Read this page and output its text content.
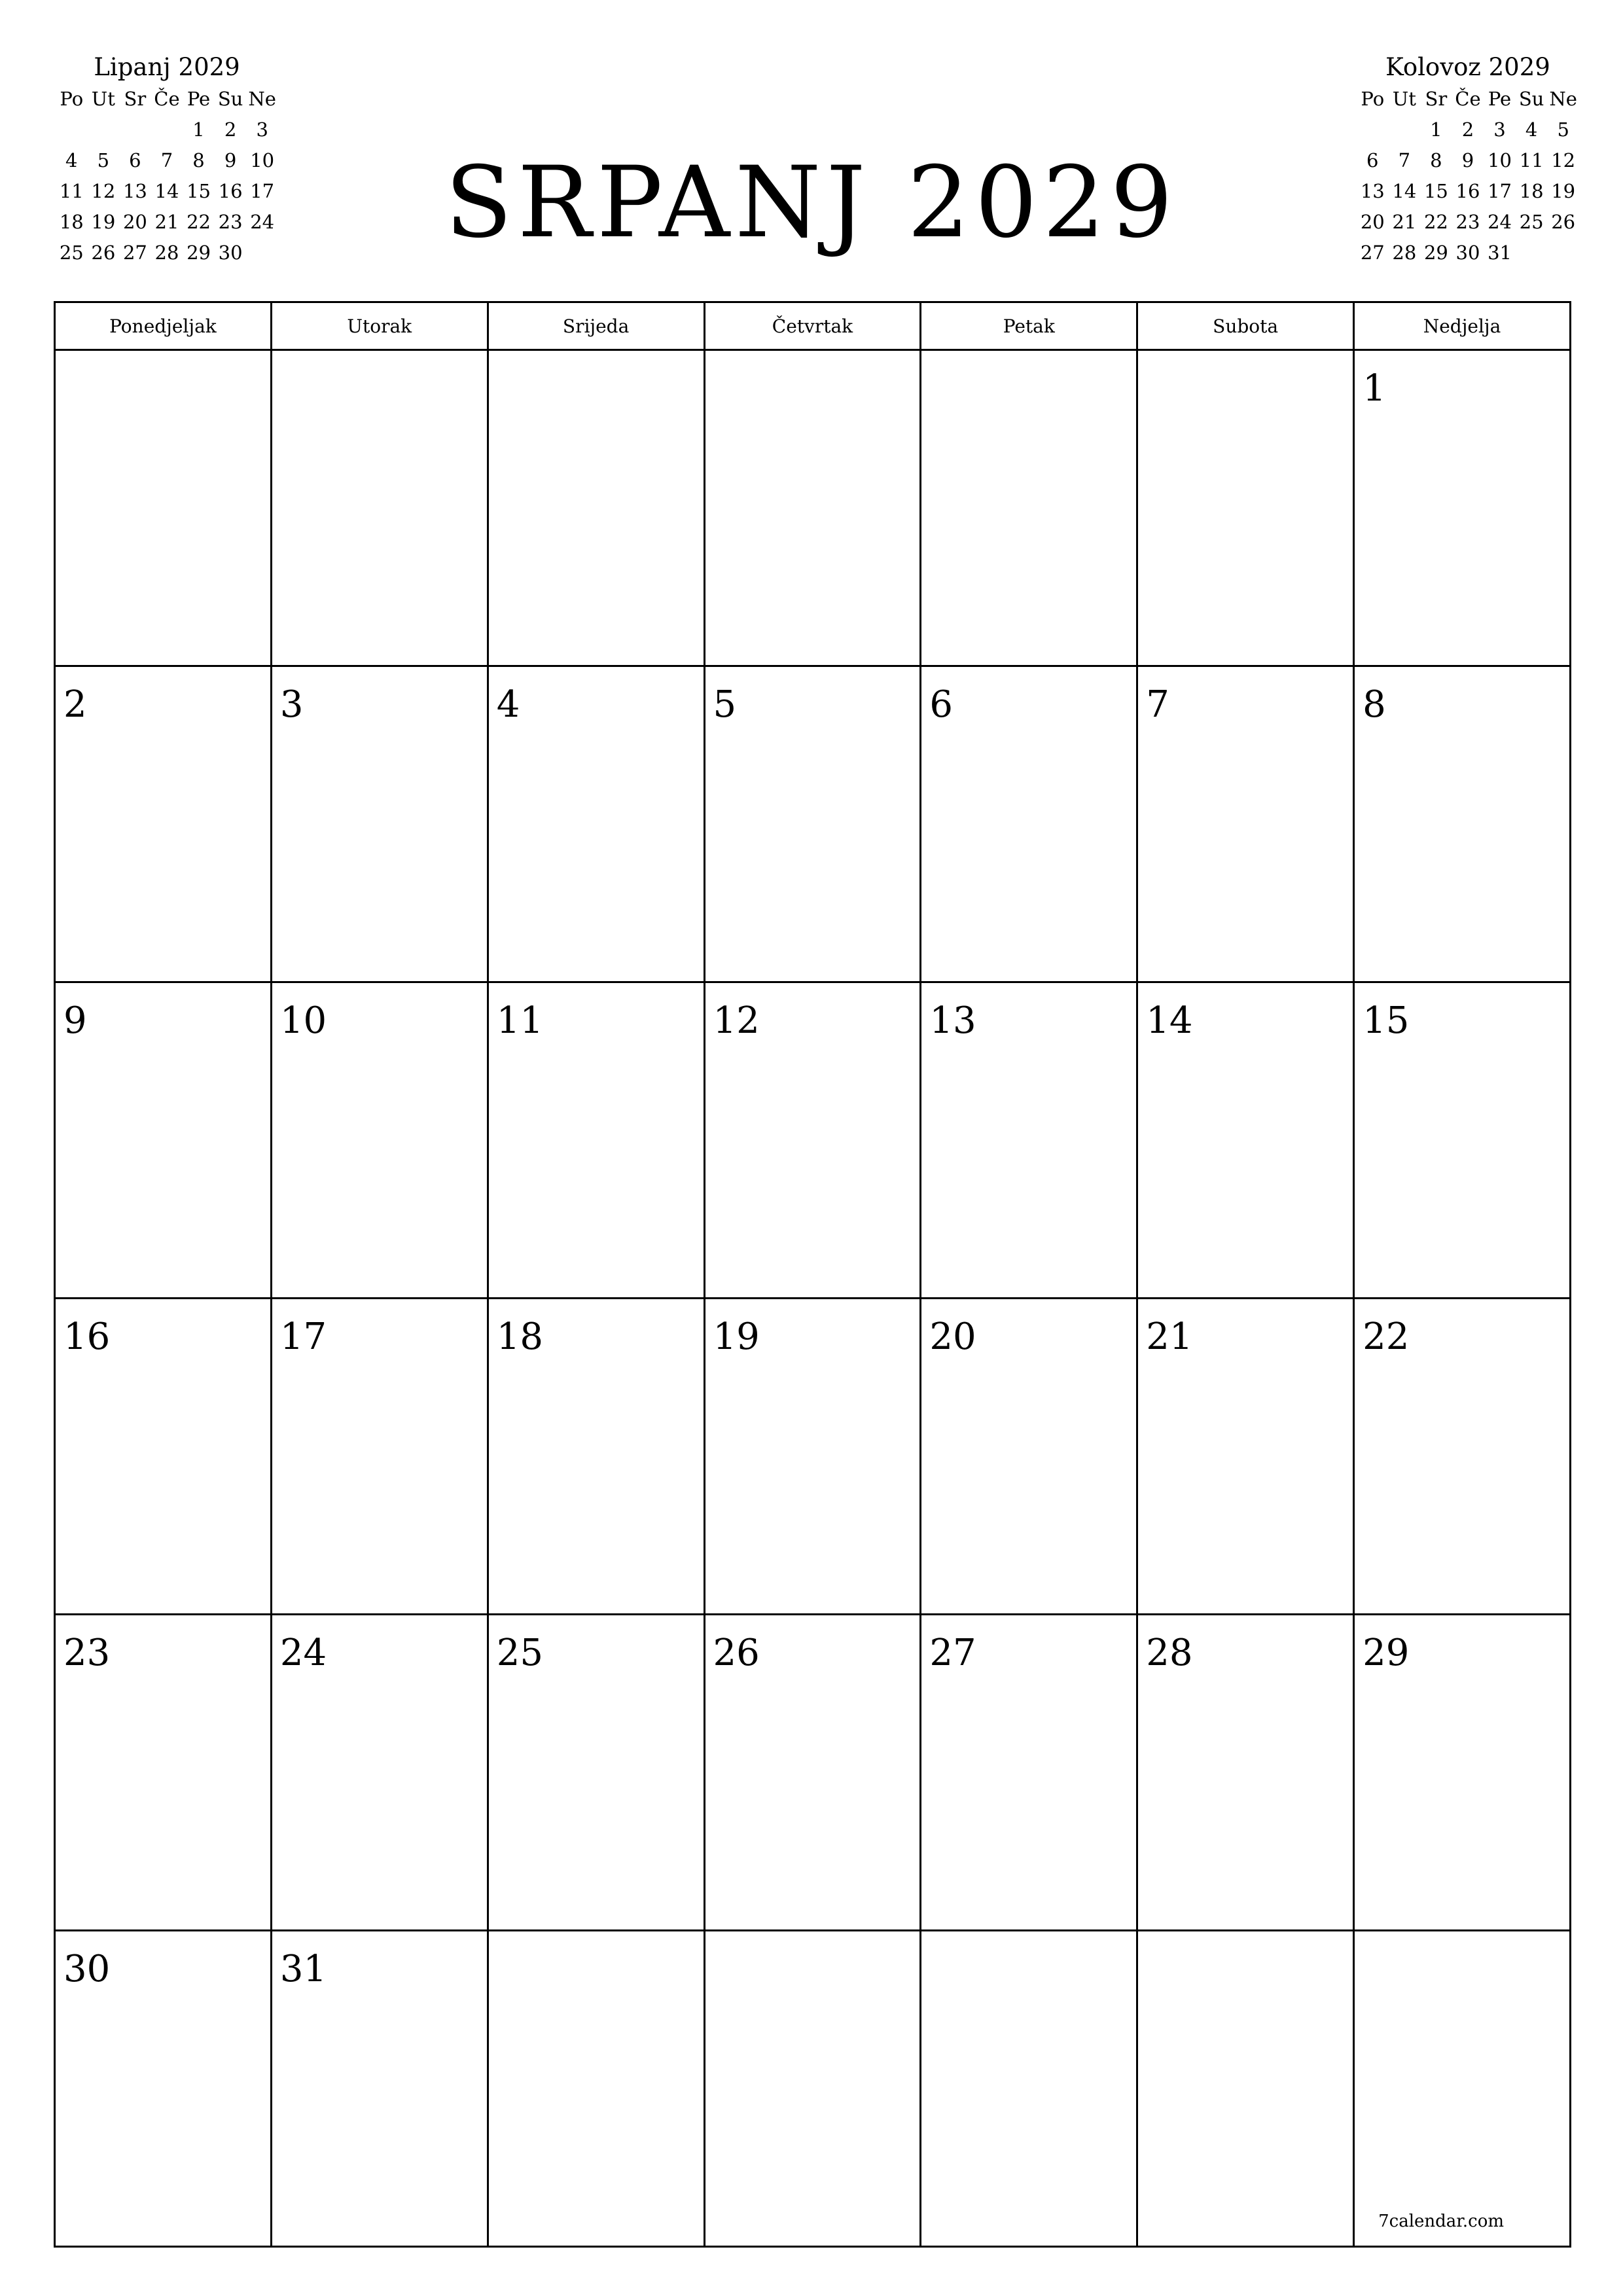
Lipanj 2029
Po	Ut	Sr	Če	Pe	Su	Ne
				1	2	3
4	5	6	7	8	9	10
11	12	13	14	15	16	17
18	19	20	21	22	23	24
25	26	27	28	29	30		SRPANJ 2029
Kolovoz 2029
Po	Ut	Sr	Če	Pe	Su	Ne
		1	2	3	4	5
6	7	8	9	10	11	12
13	14	15	16	17	18	19
20	21	22	23	24	25	26
27	28	29	30	31		
Ponedjeljak	Utorak	Srijeda	Četvrtak	Petak	Subota	Nedjelja

						1

2	3	4	5	6	7	8

9	10	11	12	13	14	15

16	17	18	19	20	21	22

23	24	25	26	27	28	29

30	31					7calendar.com
